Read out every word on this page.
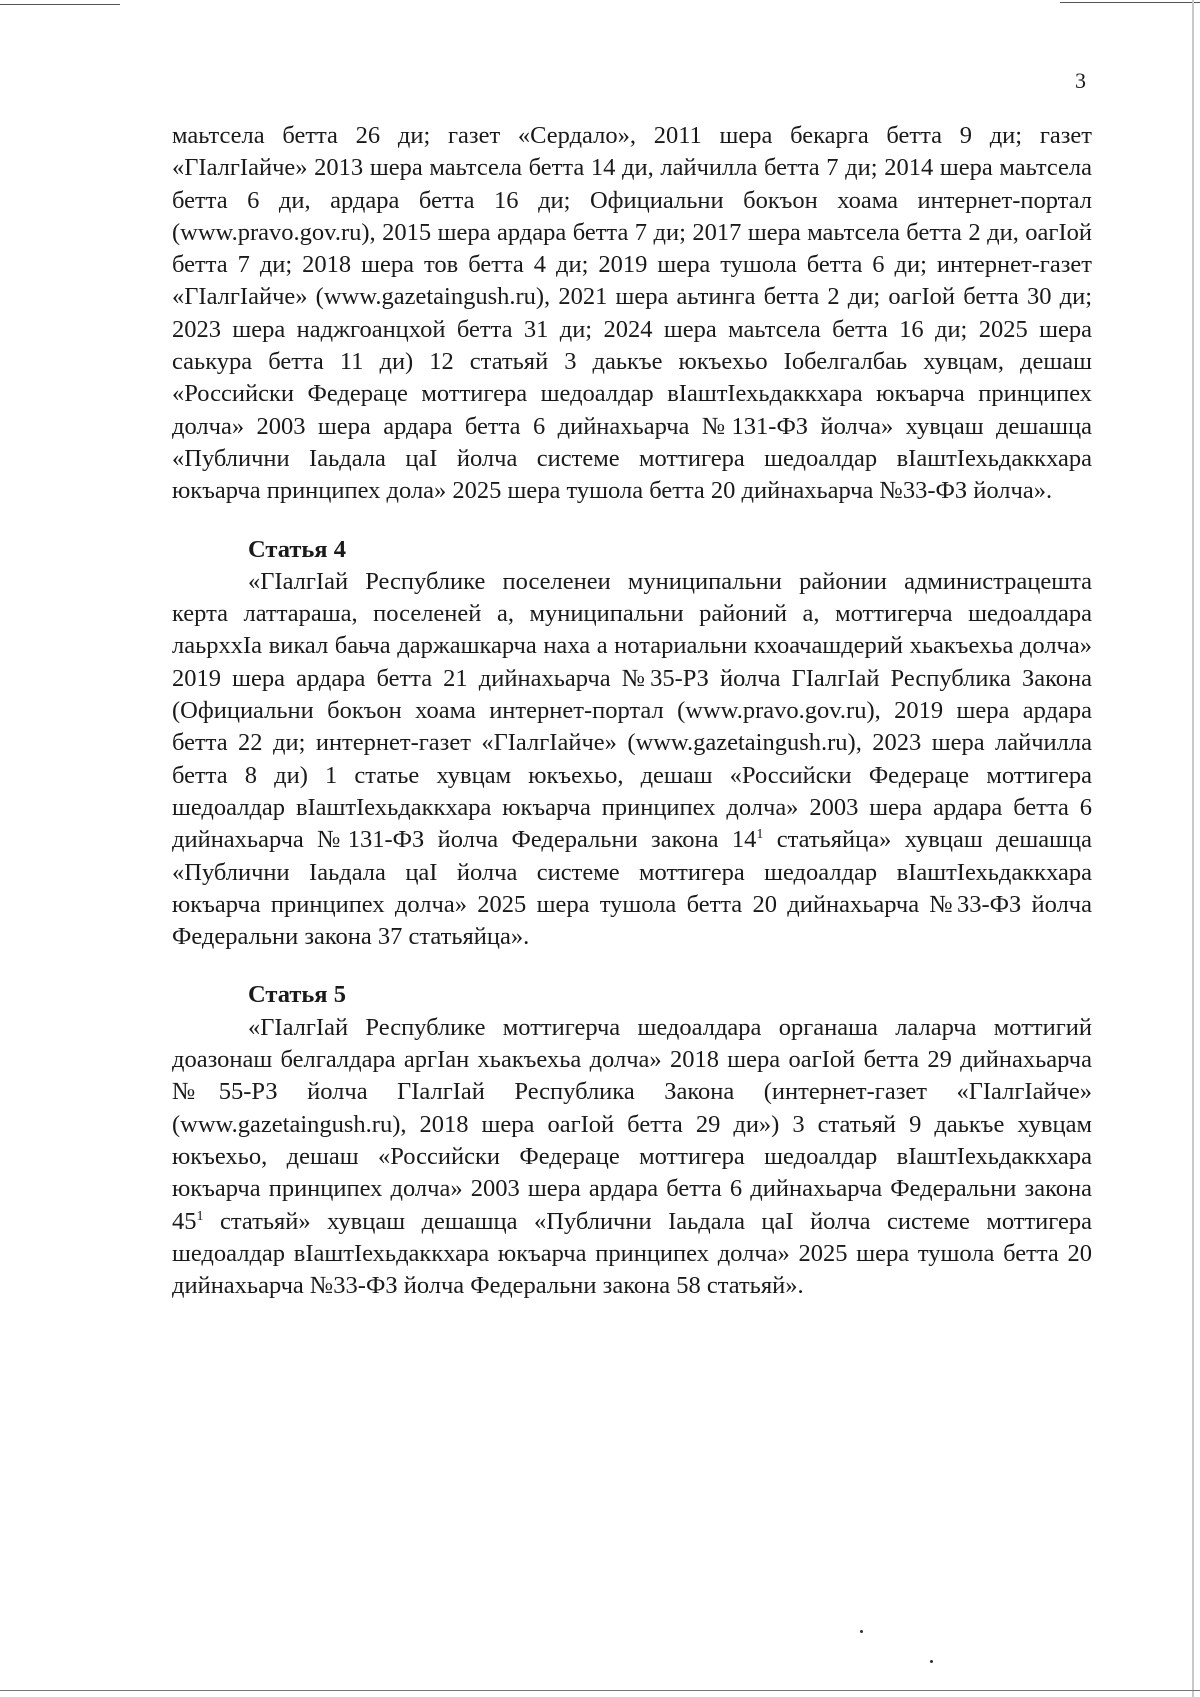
3

маьтсела бетта 26 ди; газет «Сердало», 2011 шера бекарга бетта 9 ди; газет «ГІалгІайче» 2013 шера маьтсела бетта 14 ди, лайчилла бетта 7 ди; 2014 шера маьтсела бетта 6 ди, ардара бетта 16 ди; Официальни бокъон хоама интернет-портал (www.pravo.gov.ru), 2015 шера ардара бетта 7 ди; 2017 шера маьтсела бетта 2 ди, оагІой бетта 7 ди; 2018 шера тов бетта 4 ди; 2019 шера тушола бетта 6 ди; интернет-газет «ГІалгІайче» (www.gazetaingush.ru), 2021 шера аьтинга бетта 2 ди; оагІой бетта 30 ди; 2023 шера наджгоанцхой бетта 31 ди; 2024 шера маьтсела бетта 16 ди; 2025 шера саькура бетта 11 ди) 12 статьяй 3 даькъе юкъехьо Іобелгалбаь хувцам, дешаш «Российски Федераце моттигера шедоалдар вІаштІехьдаккхара юкъарча принципех долча» 2003 шера ардара бетта 6 дийнахьарча №131-ФЗ йолча» хувцаш дешашца «Публични Іаьдала цаІ йолча системе моттигера шедоалдар вІаштІехьдаккхара юкъарча принципех дола» 2025 шера тушола бетта 20 дийнахьарча №33-ФЗ йолча».

Статья 4

«ГІалгІай Республике поселенеи муниципальни районии администрацешта керта латтараша, поселеней а, муниципальни районий а, моттигерча шедоалдара лаьрххІа викал баьча даржашкарча наха а нотариальни кхоачашдерий хьакъехьа долча» 2019 шера ардара бетта 21 дийнахьарча №35-РЗ йолча ГІалгІай Республика Закона (Официальни бокъон хоама интернет-портал (www.pravo.gov.ru), 2019 шера ардара бетта 22 ди; интернет-газет «ГІалгІайче» (www.gazetaingush.ru), 2023 шера лайчилла бетта 8 ди) 1 статье хувцам юкъехьо, дешаш «Российски Федераце моттигера шедоалдар вІаштІехьдаккхара юкъарча принципех долча» 2003 шера ардара бетта 6 дийнахьарча №131-ФЗ йолча Федеральни закона $14^1$ статьяйца» хувцаш дешашца «Публични Іаьдала цаІ йолча системе моттигера шедоалдар вІаштІехьдаккхара юкъарча принципех долча» 2025 шера тушола бетта 20 дийнахьарча №33-ФЗ йолча Федеральни закона 37 статьяйца».

Статья 5

«ГІалгІай Республике моттигерча шедоалдара органаша лаларча моттигий доазонаш белгалдара аргІан хьакъехьа долча» 2018 шера оагІой бетта 29 дийнахьарча №55-РЗ йолча ГІалгІай Республика Закона (интернет-газет «ГІалгІайче» (www.gazetaingush.ru), 2018 шера оагІой бетта 29 ди») 3 статьяй 9 даькъе хувцам юкъехьо, дешаш «Российски Федераце моттигера шедоалдар вІаштІехьдаккхара юкъарча принципех долча» 2003 шера ардара бетта 6 дийнахьарча Федеральни закона $45^1$ статьяй» хувцаш дешашца «Публични Іаьдала цаІ йолча системе моттигера шедоалдар вІаштІехьдаккхара юкъарча принципех долча» 2025 шера тушола бетта 20 дийнахьарча №33-ФЗ йолча Федеральни закона 58 статьяй».
